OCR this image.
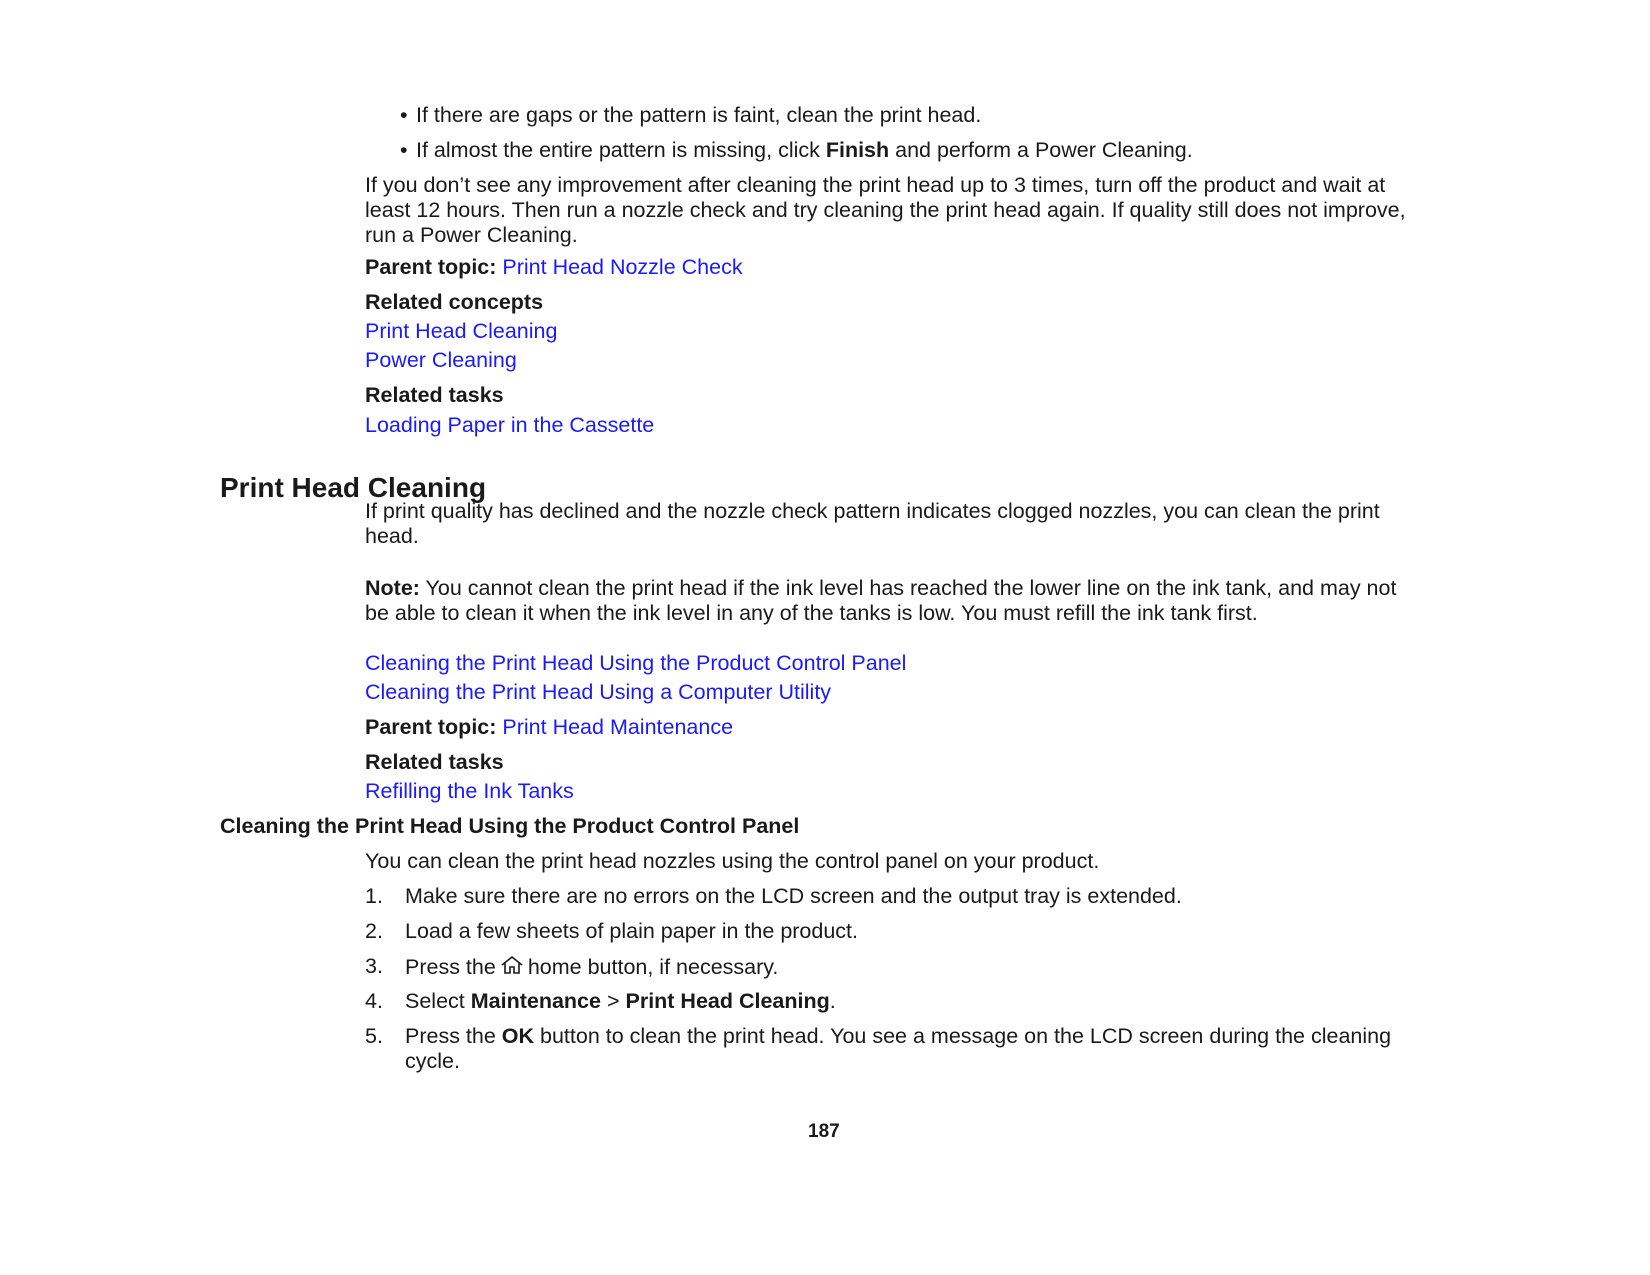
• If there are gaps or the pattern is faint, clean the print head.
• If almost the entire pattern is missing, click Finish and perform a Power Cleaning.
If you don’t see any improvement after cleaning the print head up to 3 times, turn off the product and wait at least 12 hours. Then run a nozzle check and try cleaning the print head again. If quality still does not improve, run a Power Cleaning.
Parent topic: Print Head Nozzle Check
Related concepts
Print Head Cleaning
Power Cleaning
Related tasks
Loading Paper in the Cassette
Print Head Cleaning
If print quality has declined and the nozzle check pattern indicates clogged nozzles, you can clean the print head.
Note: You cannot clean the print head if the ink level has reached the lower line on the ink tank, and may not be able to clean it when the ink level in any of the tanks is low. You must refill the ink tank first.
Cleaning the Print Head Using the Product Control Panel
Cleaning the Print Head Using a Computer Utility
Parent topic: Print Head Maintenance
Related tasks
Refilling the Ink Tanks
Cleaning the Print Head Using the Product Control Panel
You can clean the print head nozzles using the control panel on your product.
1. Make sure there are no errors on the LCD screen and the output tray is extended.
2. Load a few sheets of plain paper in the product.
3. Press the home button, if necessary.
4. Select Maintenance > Print Head Cleaning.
5. Press the OK button to clean the print head. You see a message on the LCD screen during the cleaning cycle.
187
